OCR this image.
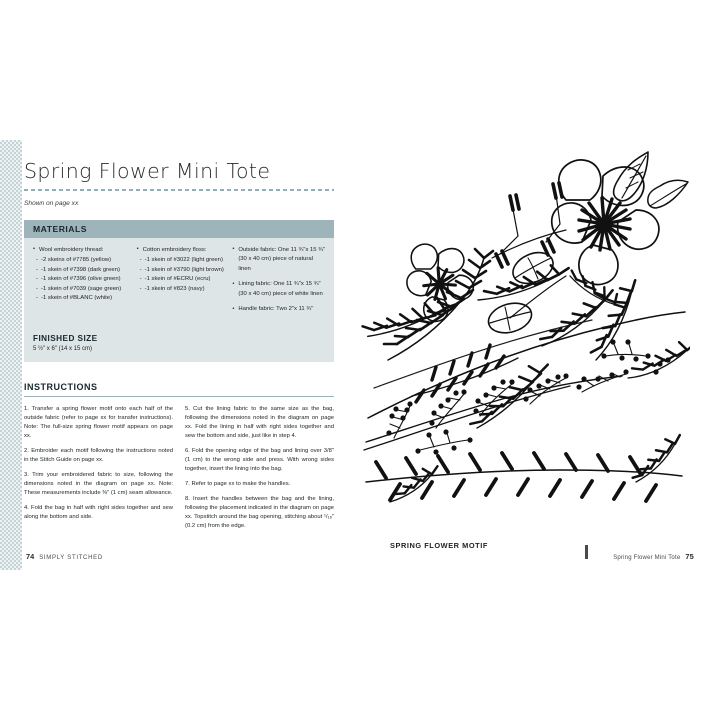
Spring Flower Mini Tote
Shown on page xx
MATERIALS
• Wool embroidery thread:
- -2 skeins of #7785 (yellow)
- -1 skein of #7398 (dark green)
- -1 skein of #7396 (olive green)
- -1 skein of #7039 (sage green)
- -1 skein of #BLANC (white)
• Cotton embroidery floss:
- -1 skein of #3022 (light green)
- -1 skein of #3790 (light brown)
- -1 skein of #ECRU (ecru)
- -1 skein of #823 (navy)
• Outside fabric: One 11 ¾"x 15 ¾" (30 x 40 cm) piece of natural linen
• Lining fabric: One 11 ¾"x 15 ¾" (30 x 40 cm) piece of white linen
• Handle fabric: Two 2"x 11 ¾"
FINISHED SIZE

5 ½" x 6" (14 x 15 cm)

INSTRUCTIONS

1. Transfer a spring flower motif onto each half of the outside fabric (refer to page xx for transfer instructions). Note: The full-size spring flower motif appears on page xx.

2. Embroider each motif following the instructions noted in the Stitch Guide on page xx.

3. Trim your embroidered fabric to size, following the dimensions noted in the diagram on page xx. Note: These measurements include ⅜" (1 cm) seam allowance.

4. Fold the bag in half with right sides together and sew along the bottom and side.

5. Cut the lining fabric to the same size as the bag, following the dimensions noted in the diagram on page xx. Fold the lining in half with right sides together and sew the bottom and side, just like in step 4.

6. Fold the opening edge of the bag and lining over 3/8" (1 cm) to the wrong side and press. With wrong sides together, insert the lining into the bag.

7. Refer to page xx to make the handles.

8. Insert the handles between the bag and the lining, following the placement indicated in the diagram on page xx. Topstitch around the bag opening, stitching about ¹/₁₆" (0.2 cm) from the edge.

74 SIMPLY STITCHED	Spring Flower Mini Tote 75
SPRING FLOWER MOTIF
